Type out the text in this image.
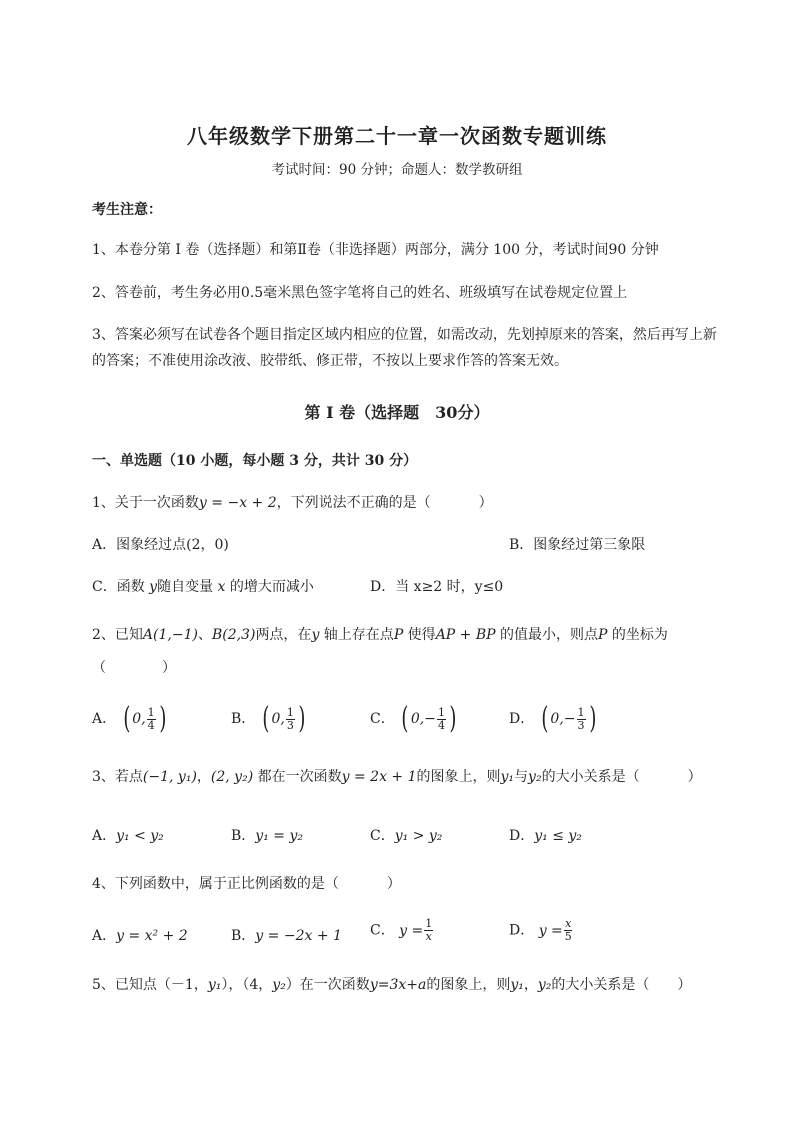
八年级数学下册第二十一章一次函数专题训练
考试时间：90 分钟；命题人：数学教研组
考生注意：
1、本卷分第 I 卷（选择题）和第Ⅱ卷（非选择题）两部分，满分 100 分，考试时间90 分钟
2、答卷前，考生务必用0.5毫米黑色签字笔将自己的姓名、班级填写在试卷规定位置上
3、答案必须写在试卷各个题目指定区域内相应的位置，如需改动，先划掉原来的答案，然后再写上新
的答案；不准使用涂改液、胶带纸、修正带，不按以上要求作答的答案无效。
第 I 卷（选择题　30分）
一、单选题（10 小题，每小题 3 分，共计 30 分）
1、关于一次函数y = −x + 2，下列说法不正确的是（	）
A．图象经过点(2，0)	B．图象经过第三象限
C．函数 y随自变量 x 的增大而减小	D．当 x≥2 时，y≤0
2、已知A(1,−1)、B(2,3)两点，在y 轴上存在点P 使得AP + BP 的值最小，则点P 的坐标为
（　　　　）
A． ( 0, $\frac{1}{4}$ )	B． ( 0, $\frac{1}{3}$ )	C． ( 0, − $\frac{1}{4}$ )	D． ( 0, − $\frac{1}{3}$ )
3、若点(−1, y₁)，(2, y₂) 都在一次函数y = 2x + 1的图象上，则y₁与y₂的大小关系是（	）
A．y₁ < y₂	B．y₁ = y₂	C．y₁ > y₂	D．y₁ ≤ y₂
4、下列函数中，属于正比例函数的是（	）
A．y = x² + 2	B．y = −2x + 1 C． $y = \frac{1}{x}$	D． $y = \frac{x}{5}$
5、已知点（－1，y₁），（4，y₂）在一次函数y=3x+a的图象上，则y₁，y₂的大小关系是（ ）
